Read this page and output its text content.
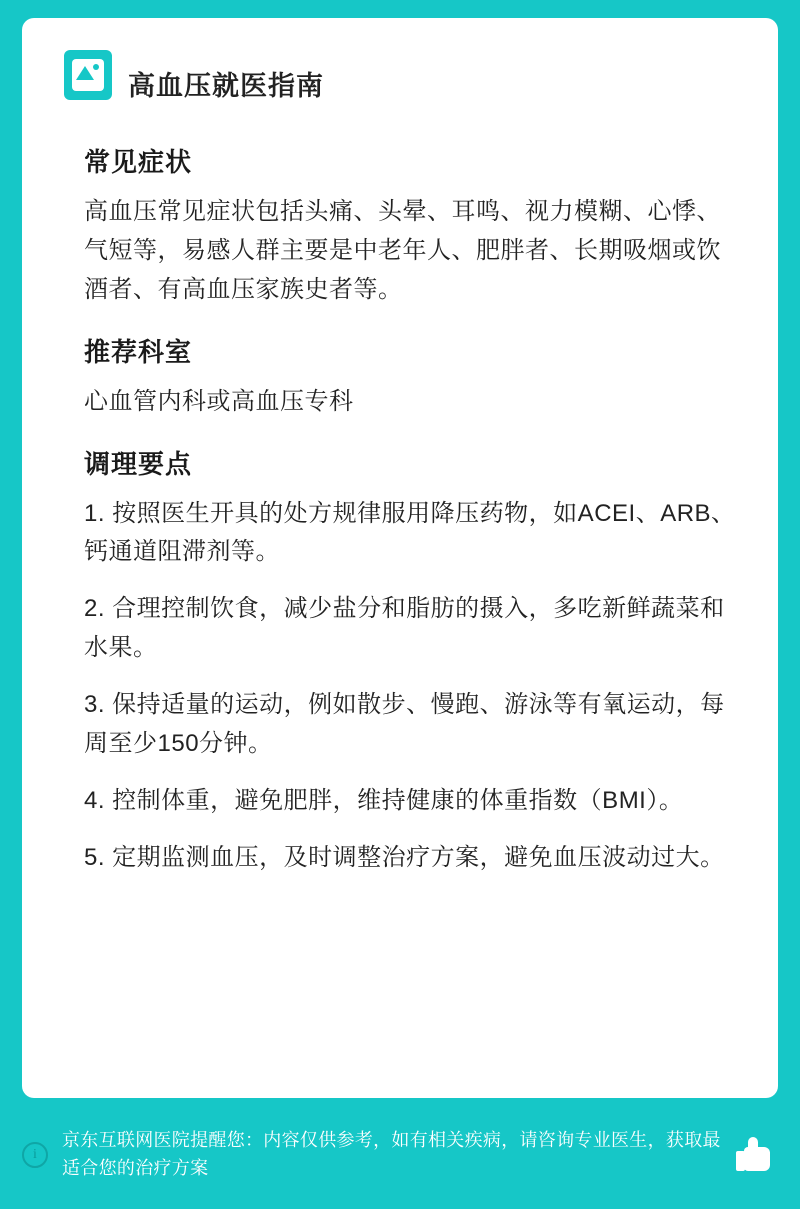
高血压就医指南
常见症状

高血压常见症状包括头痛、头晕、耳鸣、视力模糊、心悸、气短等，易感人群主要是中老年人、肥胖者、长期吸烟或饮酒者、有高血压家族史者等。

推荐科室

心血管内科或高血压专科

调理要点

1. 按照医生开具的处方规律服用降压药物，如ACEI、ARB、钙通道阻滞剂等。

2. 合理控制饮食，减少盐分和脂肪的摄入，多吃新鲜蔬菜和水果。

3. 保持适量的运动，例如散步、慢跑、游泳等有氧运动，每周至少150分钟。

4. 控制体重，避免肥胖，维持健康的体重指数（BMI）。

5. 定期监测血压，及时调整治疗方案，避免血压波动过大。

i
京东互联网医院提醒您：内容仅供参考，如有相关疾病，请咨询专业医生，获取最适合您的治疗方案
